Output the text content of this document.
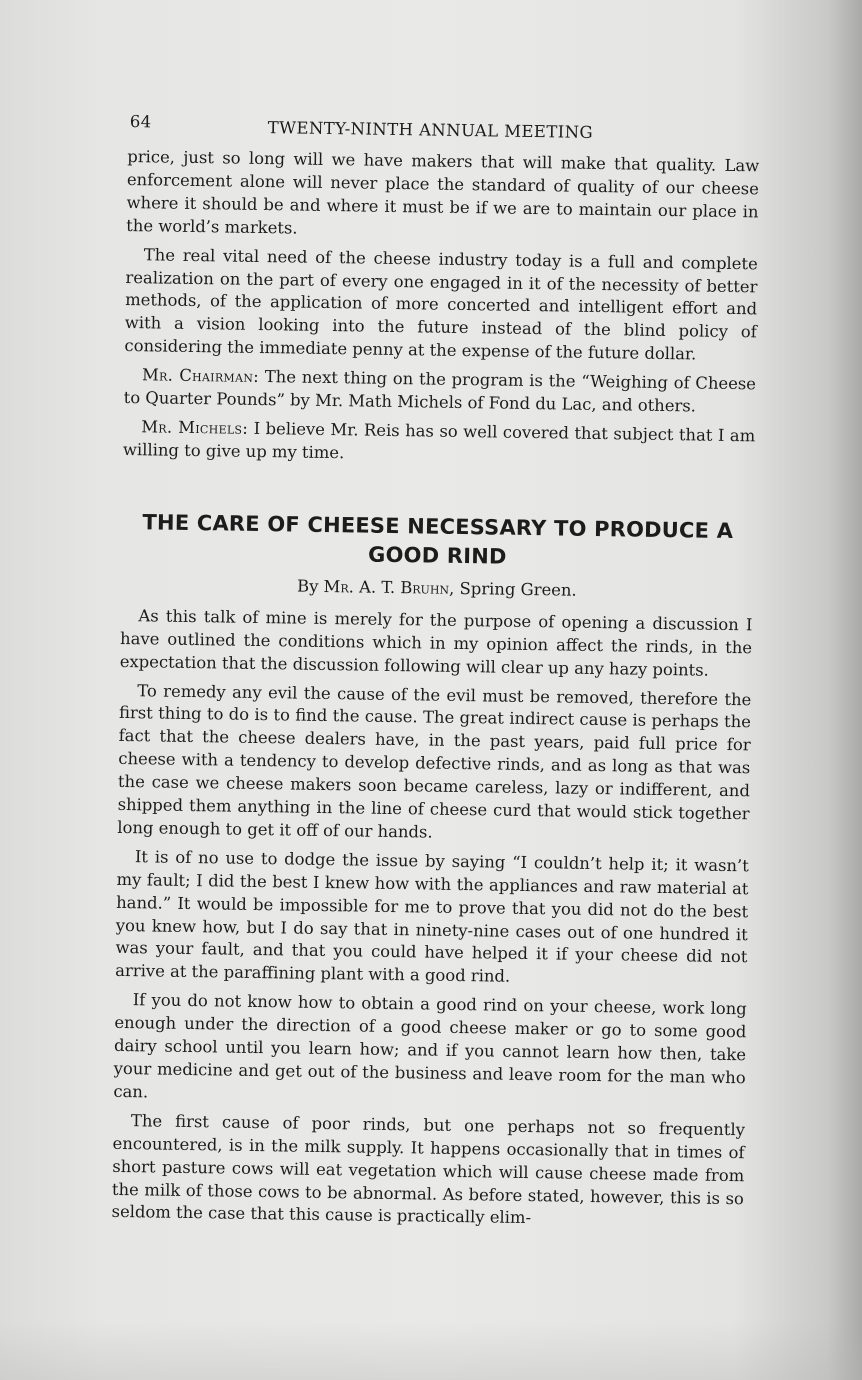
64	TWENTY-NINTH ANNUAL MEETING

price, just so long will we have makers that will make that quality. Law enforcement alone will never place the standard of quality of our cheese where it should be and where it must be if we are to maintain our place in the world’s markets.

The real vital need of the cheese industry today is a full and complete realization on the part of every one engaged in it of the necessity of better methods, of the application of more concerted and intelligent effort and with a vision looking into the future instead of the blind policy of considering the immediate penny at the expense of the future dollar.

Mr. Chairman: The next thing on the program is the “Weighing of Cheese to Quarter Pounds” by Mr. Math Michels of Fond du Lac, and others.

Mr. Michels: I believe Mr. Reis has so well covered that subject that I am willing to give up my time.

THE CARE OF CHEESE NECESSARY TO PRODUCE A GOOD RIND
By Mr. A. T. Bruhn, Spring Green.

As this talk of mine is merely for the purpose of opening a discussion I have outlined the conditions which in my opinion affect the rinds, in the expectation that the discussion following will clear up any hazy points.

To remedy any evil the cause of the evil must be removed, therefore the first thing to do is to find the cause. The great indirect cause is perhaps the fact that the cheese dealers have, in the past years, paid full price for cheese with a tendency to develop defective rinds, and as long as that was the case we cheese makers soon became careless, lazy or indifferent, and shipped them anything in the line of cheese curd that would stick together long enough to get it off of our hands.

It is of no use to dodge the issue by saying “I couldn’t help it; it wasn’t my fault; I did the best I knew how with the appliances and raw material at hand.” It would be impossible for me to prove that you did not do the best you knew how, but I do say that in ninety-nine cases out of one hundred it was your fault, and that you could have helped it if your cheese did not arrive at the paraffining plant with a good rind.

If you do not know how to obtain a good rind on your cheese, work long enough under the direction of a good cheese maker or go to some good dairy school until you learn how; and if you cannot learn how then, take your medicine and get out of the business and leave room for the man who can.

The first cause of poor rinds, but one perhaps not so frequently encountered, is in the milk supply. It happens occasionally that in times of short pasture cows will eat vegetation which will cause cheese made from the milk of those cows to be abnormal. As before stated, however, this is so seldom the case that this cause is practically elim-
